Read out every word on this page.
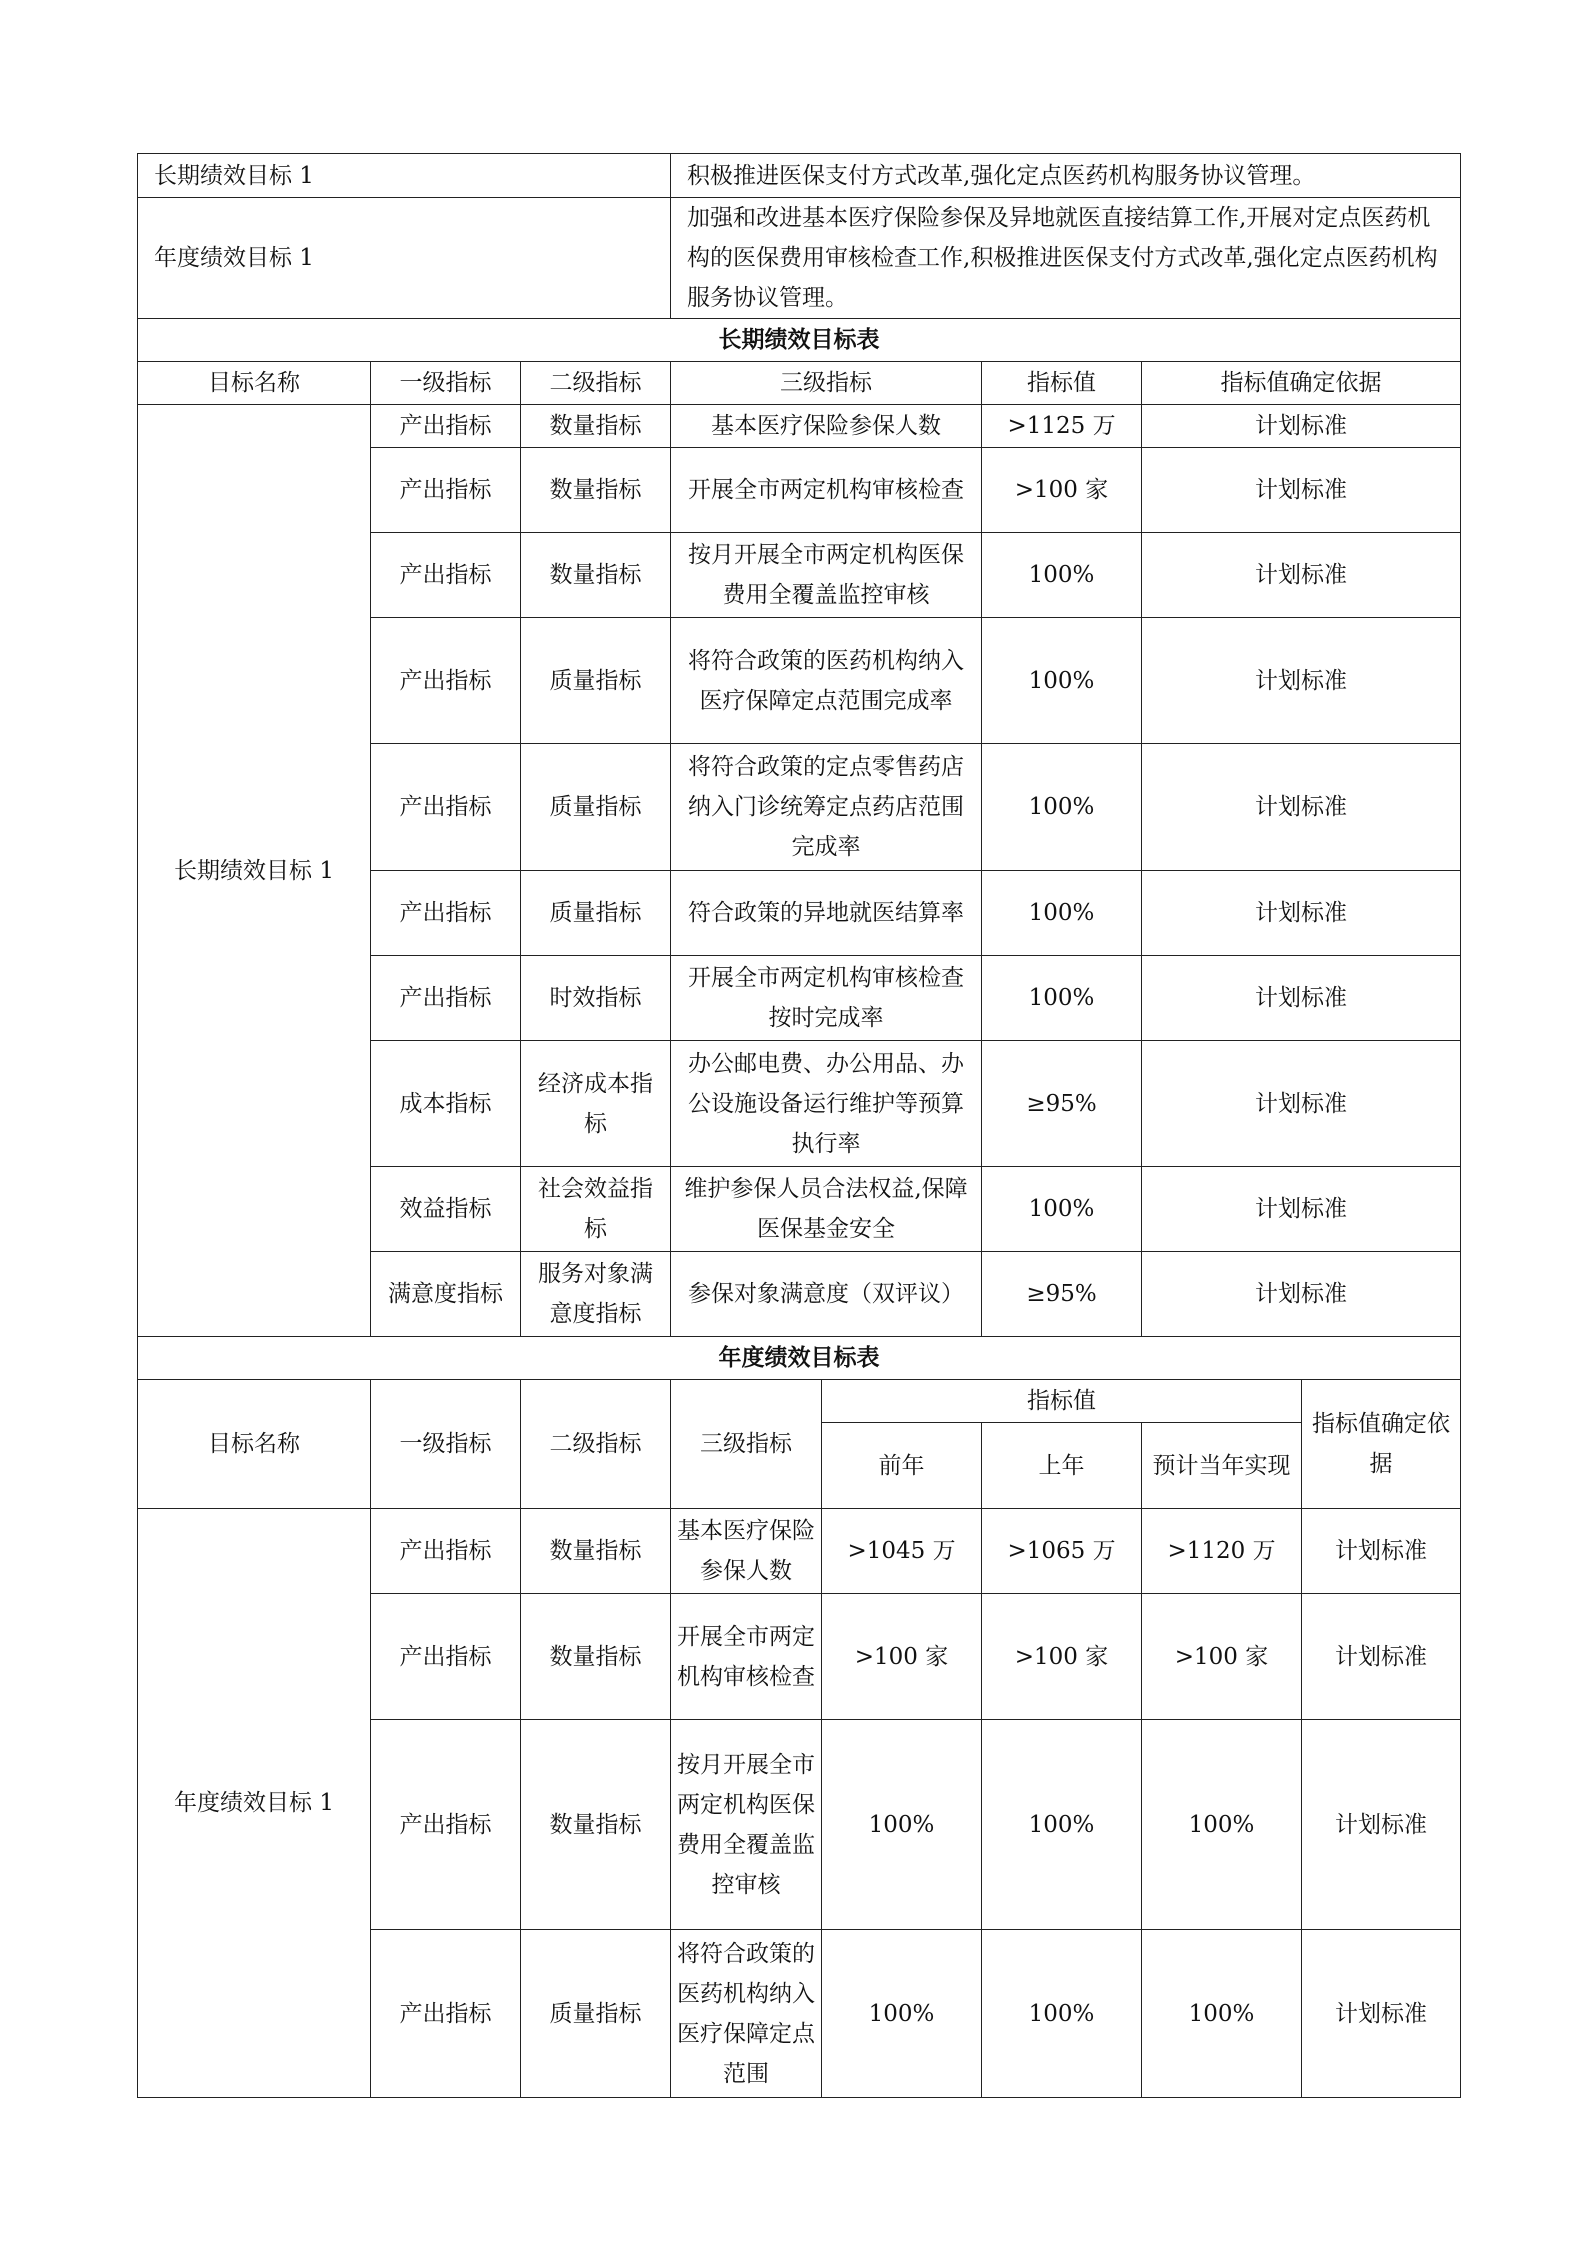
长期绩效目标 1			积极推进医保支付方式改革,强化定点医药机构服务协议管理。				
年度绩效目标 1			加强和改进基本医疗保险参保及异地就医直接结算工作,开展对定点医药机构的医保费用审核检查工作,积极推进医保支付方式改革,强化定点医药机构服务协议管理。				
长期绩效目标表							
目标名称	一级指标	二级指标	三级指标		指标值	指标值确定依据	
长期绩效目标 1	产出指标	数量指标	基本医疗保险参保人数		>1125 万	计划标准	
	产出指标	数量指标	开展全市两定机构审核检查		>100 家	计划标准	
	产出指标	数量指标	按月开展全市两定机构医保费用全覆盖监控审核		100%	计划标准	
	产出指标	质量指标	将符合政策的医药机构纳入医疗保障定点范围完成率		100%	计划标准	
	产出指标	质量指标	将符合政策的定点零售药店纳入门诊统筹定点药店范围完成率		100%	计划标准	
	产出指标	质量指标	符合政策的异地就医结算率		100%	计划标准	
	产出指标	时效指标	开展全市两定机构审核检查按时完成率		100%	计划标准	
	成本指标	经济成本指标	办公邮电费、办公用品、办公设施设备运行维护等预算执行率		≥95%	计划标准	
	效益指标	社会效益指标	维护参保人员合法权益,保障医保基金安全		100%	计划标准	
	满意度指标	服务对象满意度指标	参保对象满意度（双评议）		≥95%	计划标准	
年度绩效目标表							
目标名称	一级指标	二级指标	三级指标	指标值			指标值确定依据
				前年	上年	预计当年实现	
年度绩效目标 1	产出指标	数量指标	基本医疗保险参保人数	>1045 万	>1065 万	>1120 万	计划标准
	产出指标	数量指标	开展全市两定机构审核检查	>100 家	>100 家	>100 家	计划标准
	产出指标	数量指标	按月开展全市两定机构医保费用全覆盖监控审核	100%	100%	100%	计划标准
	产出指标	质量指标	将符合政策的医药机构纳入医疗保障定点范围	100%	100%	100%	计划标准
